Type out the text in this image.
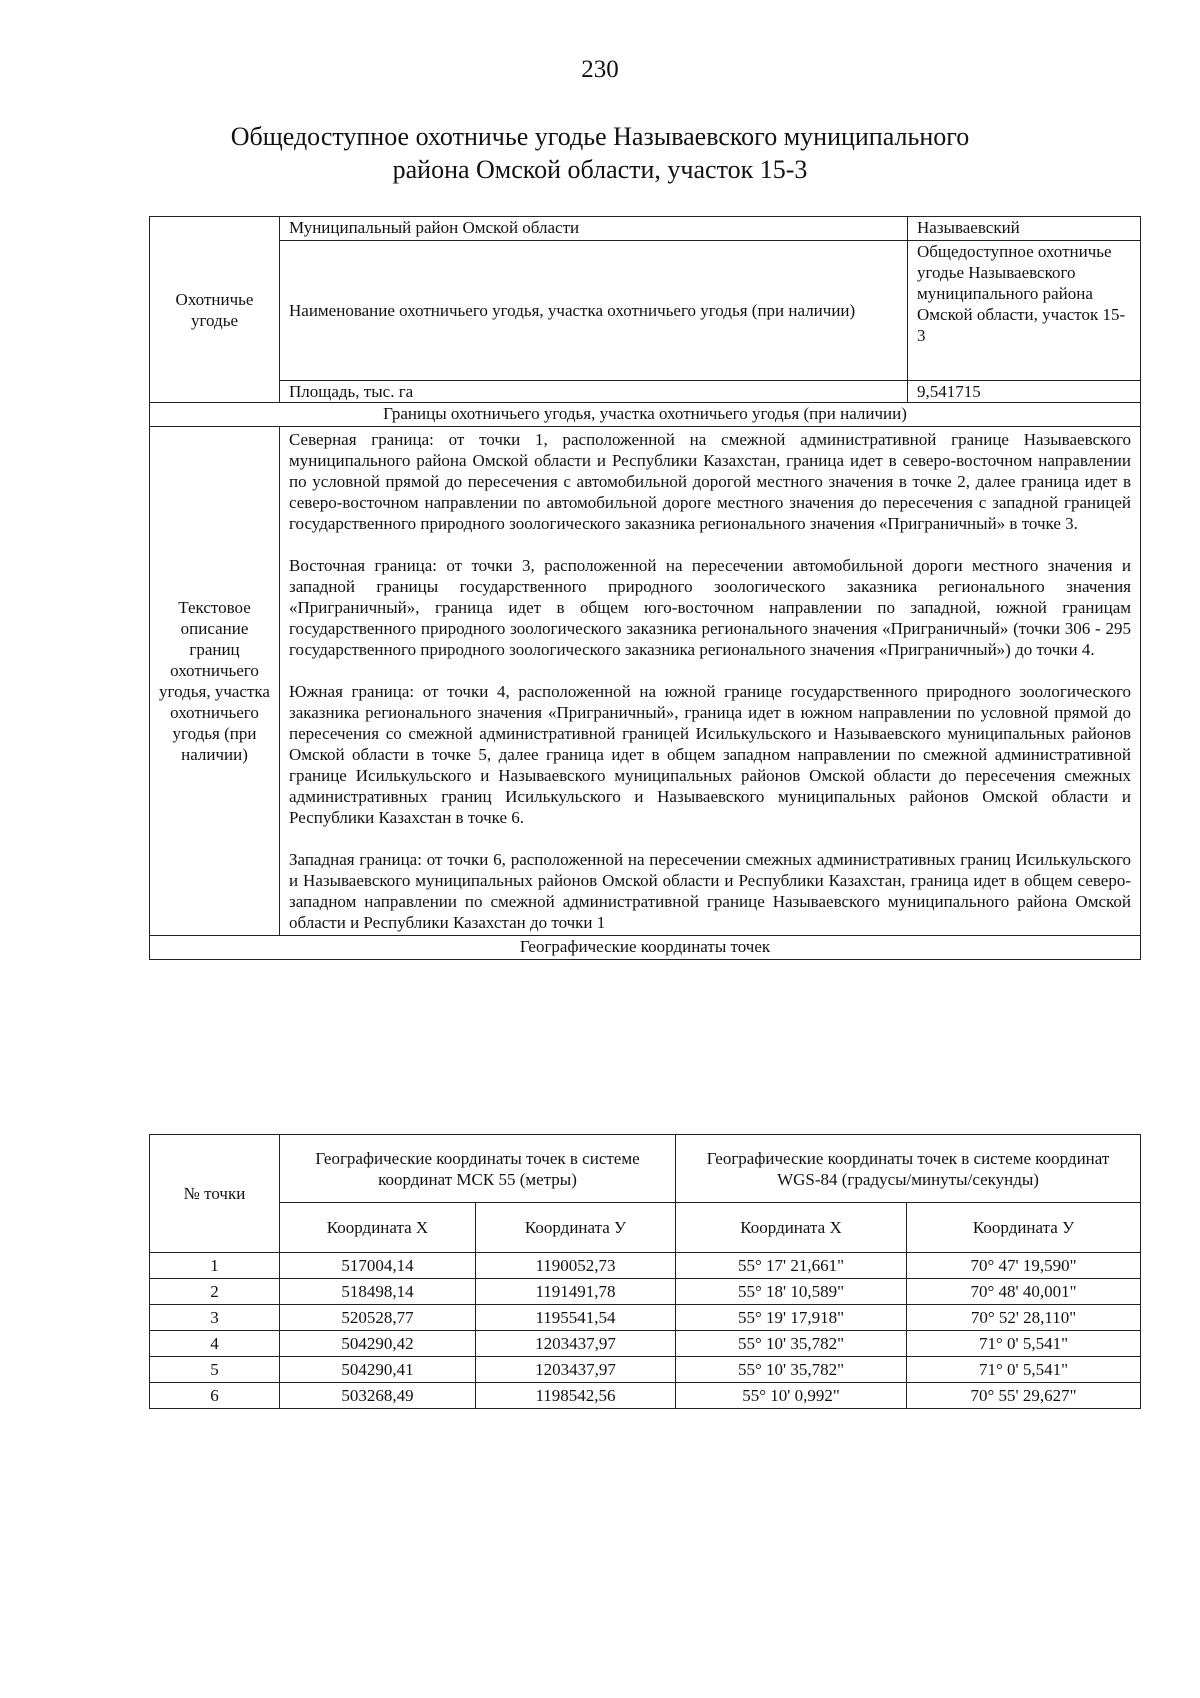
230
Общедоступное охотничье угодье Называевского муниципального
района Омской области, участок 15-3
Охотничье угодье	Муниципальный район Омской области	Называевский
	Наименование охотничьего угодья, участка охотничьего угодья (при наличии)	Общедоступное охотничье угодье Называевского муниципального района Омской области, участок 15-3
	Площадь, тыс. га	9,541715
Границы охотничьего угодья, участка охотничьего угодья (при наличии)		
Текстовое описание границ охотничьего угодья, участка охотничьего угодья (при наличии)	Северная граница: от точки 1, расположенной на смежной административной границе Называевского муниципального района Омской области и Республики Казахстан, граница идет в северо-восточном направлении по условной прямой до пересечения с автомобильной дорогой местного значения в точке 2, далее граница идет в северо-восточном направлении по автомобильной дороге местного значения до пересечения с западной границей государственного природного зоологического заказника регионального значения «Приграничный» в точке 3.

Восточная граница: от точки 3, расположенной на пересечении автомобильной дороги местного значения и западной границы государственного природного зоологического заказника регионального значения «Приграничный», граница идет в общем юго-восточном направлении по западной, южной границам государственного природного зоологического заказника регионального значения «Приграничный» (точки 306 - 295 государственного природного зоологического заказника регионального значения «Приграничный») до точки 4.

Южная граница: от точки 4, расположенной на южной границе государственного природного зоологического заказника регионального значения «Приграничный», граница идет в южном направлении по условной прямой до пересечения со смежной административной границей Исилькульского и Называевского муниципальных районов Омской области в точке 5, далее граница идет в общем западном направлении по смежной административной границе Исилькульского и Называевского муниципальных районов Омской области до пересечения смежных административных границ Исилькульского и Называевского муниципальных районов Омской области и Республики Казахстан в точке 6.

Западная граница: от точки 6, расположенной на пересечении смежных административных границ Исилькульского и Называевского муниципальных районов Омской области и Республики Казахстан, граница идет в общем северо-западном направлении по смежной административной границе Называевского муниципального района Омской области и Республики Казахстан до точки 1	

Географические координаты точек		
№ точки	Географические координаты точек в системе координат МСК 55 (метры)		Географические координаты точек в системе координат WGS-84 (градусы/минуты/секунды)	
	Координата Х	Координата У	Координата Х	Координата У
1	517004,14	1190052,73	55° 17' 21,661"	70° 47' 19,590"
2	518498,14	1191491,78	55° 18' 10,589"	70° 48' 40,001"
3	520528,77	1195541,54	55° 19' 17,918"	70° 52' 28,110"
4	504290,42	1203437,97	55° 10' 35,782"	71° 0' 5,541"
5	504290,41	1203437,97	55° 10' 35,782"	71° 0' 5,541"
6	503268,49	1198542,56	55° 10' 0,992"	70° 55' 29,627"
